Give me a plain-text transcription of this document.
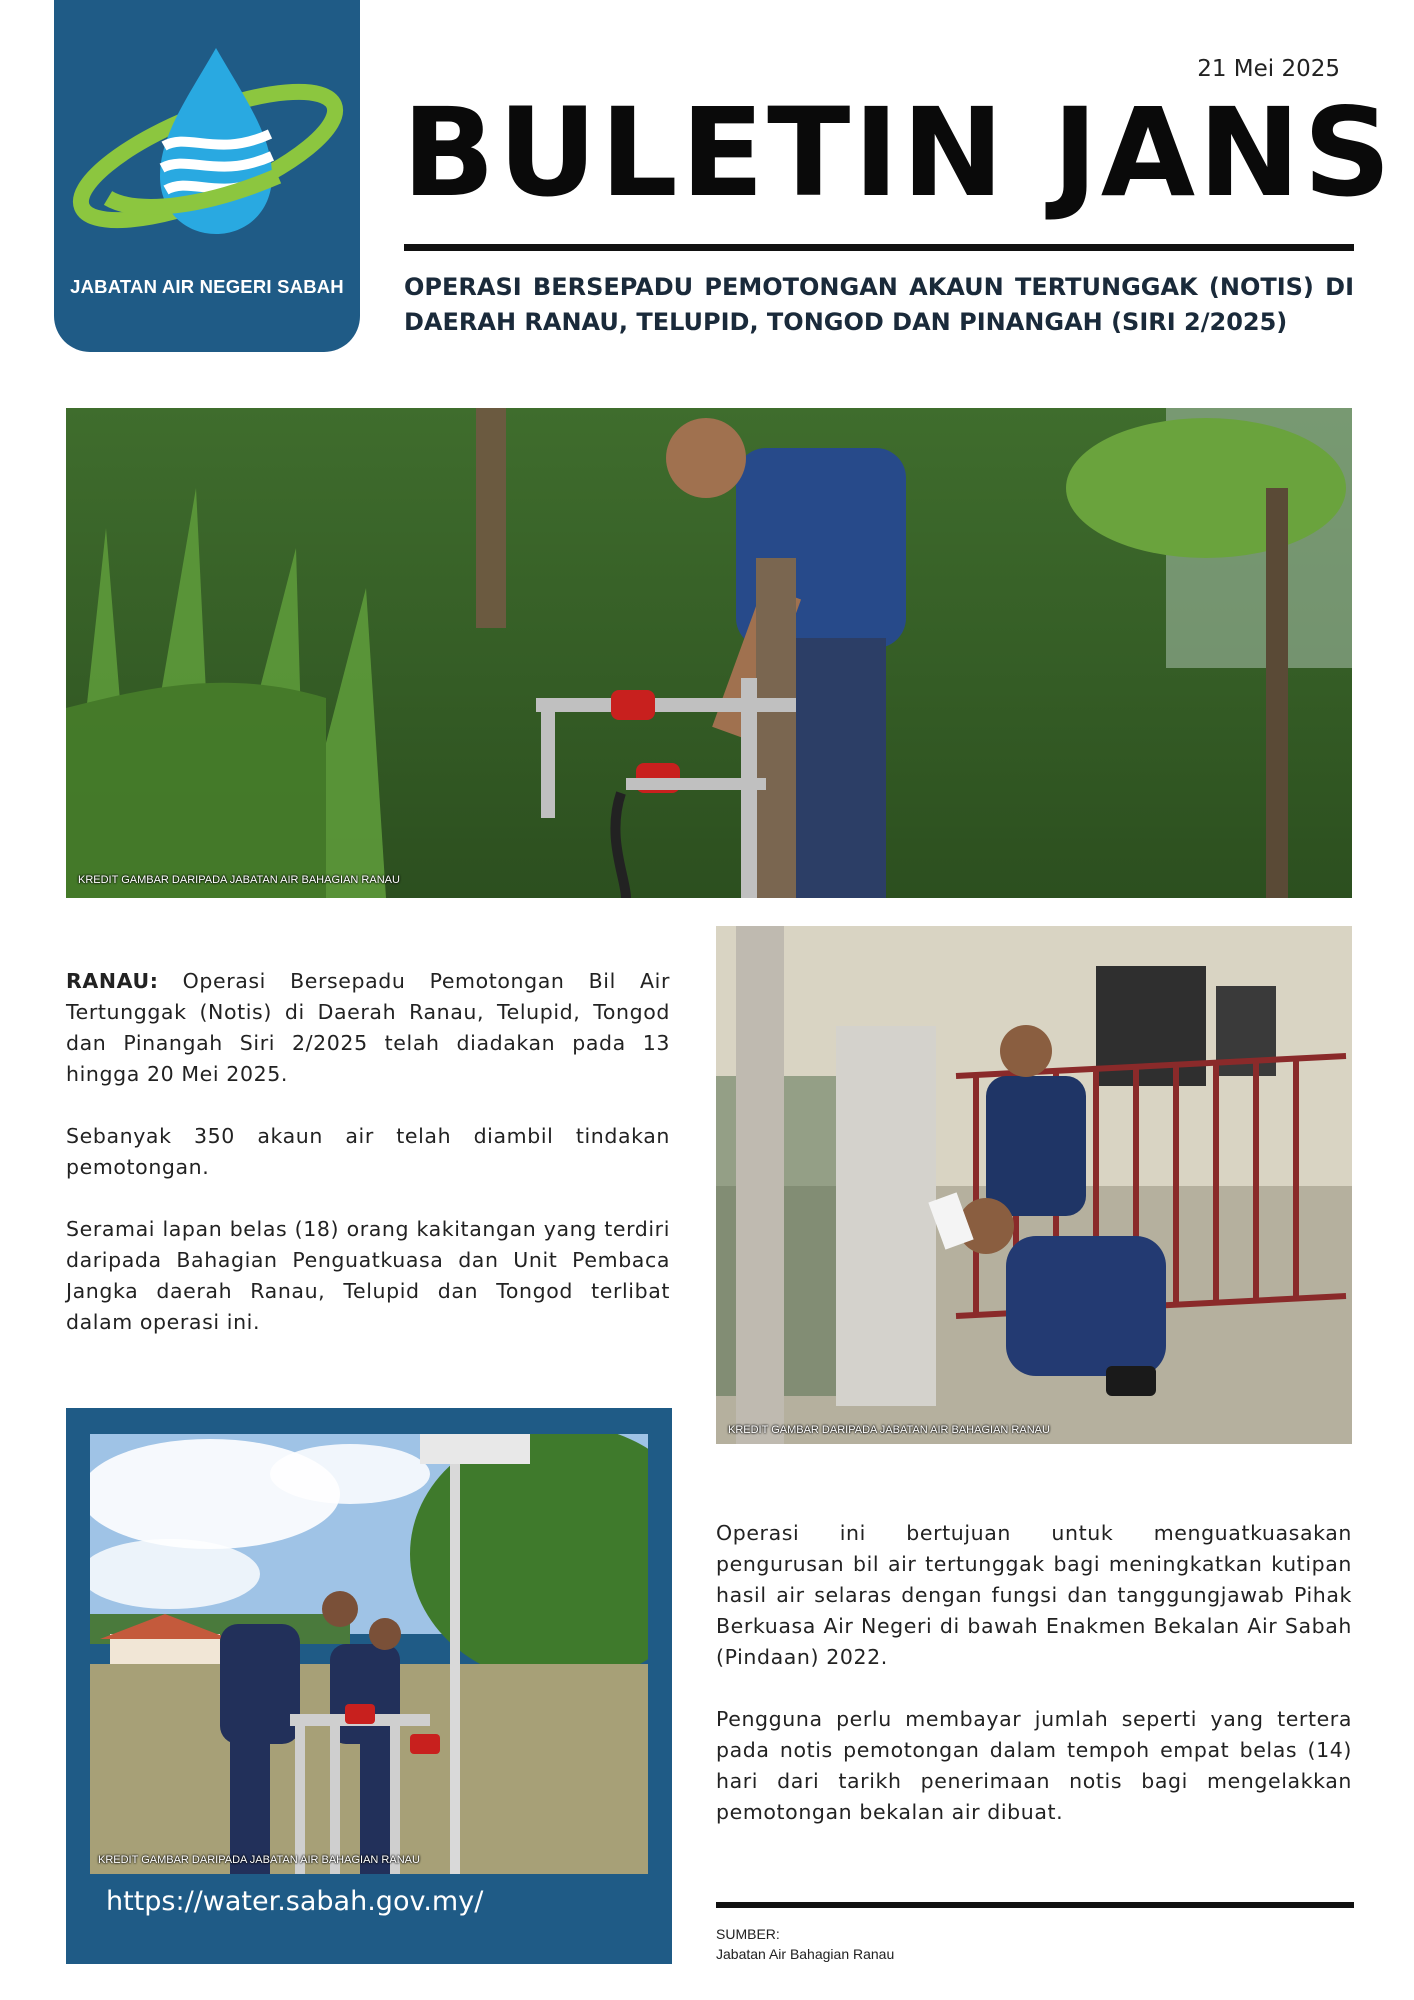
JABATAN AIR NEGERI SABAH
21 Mei 2025
BULETIN JANS
OPERASI BERSEPADU PEMOTONGAN AKAUN TERTUNGGAK (NOTIS) DI DAERAH RANAU, TELUPID, TONGOD DAN PINANGAH (SIRI 2/2025)
KREDIT GAMBAR DARIPADA JABATAN AIR BAHAGIAN RANAU

RANAU: Operasi Bersepadu Pemotongan Bil Air Tertunggak (Notis) di Daerah Ranau, Telupid, Tongod dan Pinangah Siri 2/2025 telah diadakan pada 13 hingga 20 Mei 2025.

Sebanyak 350 akaun air telah diambil tindakan pemotongan.

Seramai lapan belas (18) orang kakitangan yang terdiri daripada Bahagian Penguatkuasa dan Unit Pembaca Jangka daerah Ranau, Telupid dan Tongod terlibat dalam operasi ini.

KREDIT GAMBAR DARIPADA JABATAN AIR BAHAGIAN RANAU

Operasi ini bertujuan untuk menguatkuasakan pengurusan bil air tertunggak bagi meningkatkan kutipan hasil air selaras dengan fungsi dan tanggungjawab Pihak Berkuasa Air Negeri di bawah Enakmen Bekalan Air Sabah (Pindaan) 2022.

Pengguna perlu membayar jumlah seperti yang tertera pada notis pemotongan dalam tempoh empat belas (14) hari dari tarikh penerimaan notis bagi mengelakkan pemotongan bekalan air dibuat.

KREDIT GAMBAR DARIPADA JABATAN AIR BAHAGIAN RANAU
https://water.sabah.gov.my/
SUMBER:
Jabatan Air Bahagian Ranau
